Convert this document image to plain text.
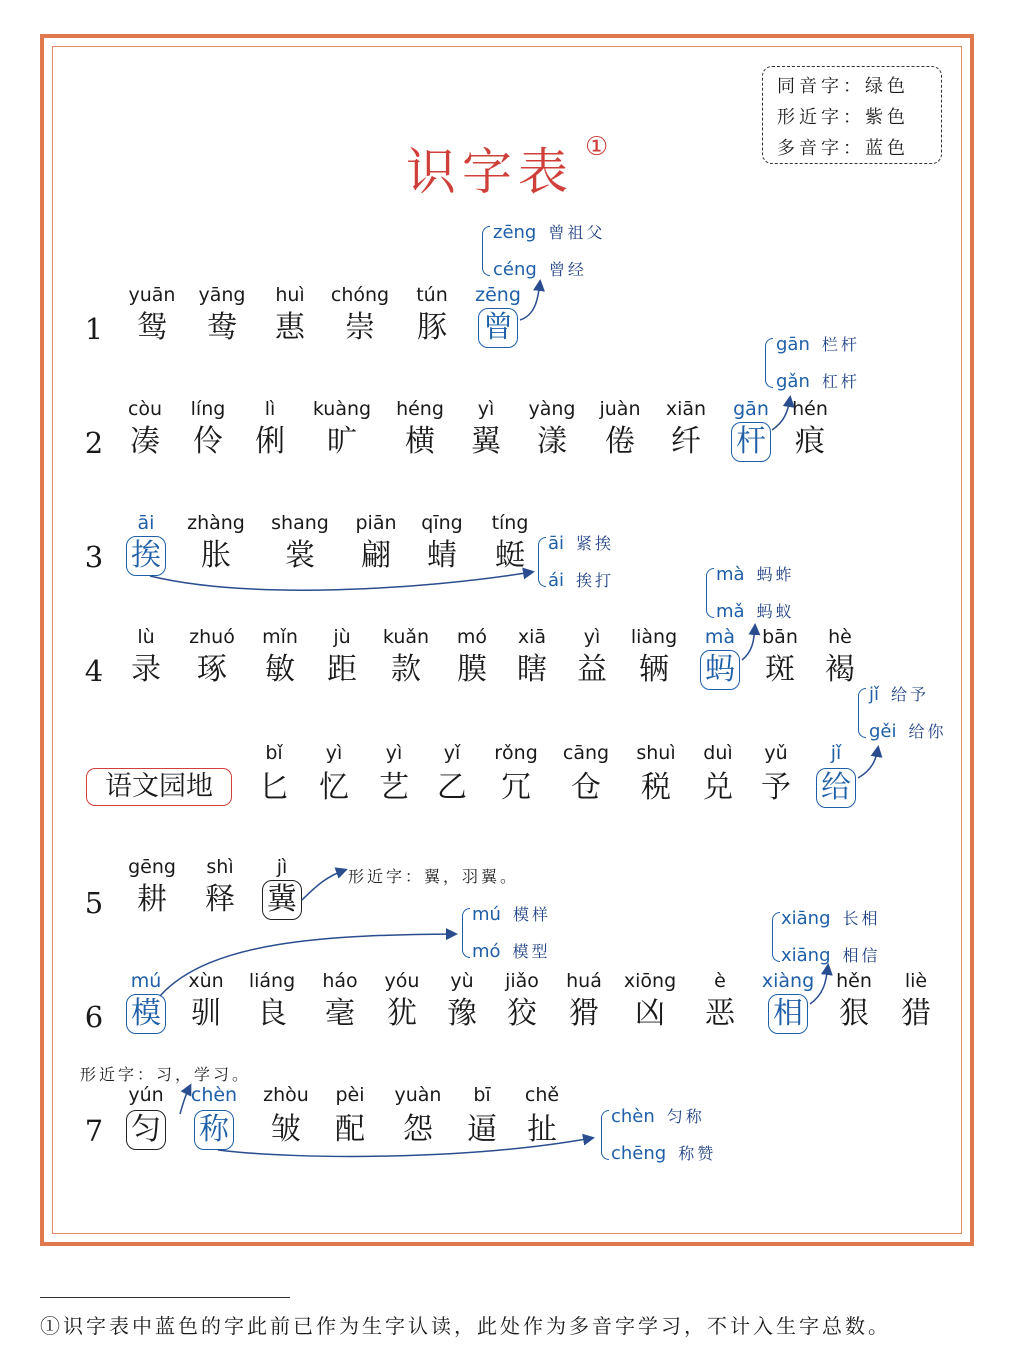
同音字：绿色
形近字：紫色
多音字：蓝色
识字表 ①
语文园地
1
2
3
4
5
6
7
yuān
鸳
yāng
鸯
huì
惠
chóng
崇
tún
豚
zēng
曾
còu
凑
líng
伶
lì
俐
kuàng
旷
héng
横
yì
翼
yàng
漾
juàn
倦
xiān
纤
gān
杆
hén
痕
āi
挨
zhàng
胀
shang
裳
piān
翩
qīng
蜻
tíng
蜓
lù
录
zhuó
琢
mǐn
敏
jù
距
kuǎn
款
mó
膜
xiā
瞎
yì
益
liàng
辆
mà
蚂
bān
斑
hè
褐
bǐ
匕
yì
忆
yì
艺
yǐ
乙
rǒng
冗
cāng
仓
shuì
税
duì
兑
yǔ
予
jǐ
给
gēng
耕
shì
释
jì
冀
mú
模
xùn
驯
liáng
良
háo
毫
yóu
犹
yù
豫
jiǎo
狡
huá
猾
xiōng
凶
è
恶
xiàng
相
hěn
狠
liè
猎
yún
匀
chèn
称
zhòu
皱
pèi
配
yuàn
怨
bī
逼
chě
扯
zēng 曾祖父
céng 曾经
gān 栏杆
gǎn 杠杆
āi 紧挨
ái 挨打	mà 蚂蚱
mǎ 蚂蚁
jǐ 给予
gěi 给你
mú 模样
mó 模型
xiāng 长相
xiāng 相信
chèn 匀称
chēng 称赞
形近字：翼，羽翼。
形近字：习，学习。
①识字表中蓝色的字此前已作为生字认读，此处作为多音字学习，不计入生字总数。
